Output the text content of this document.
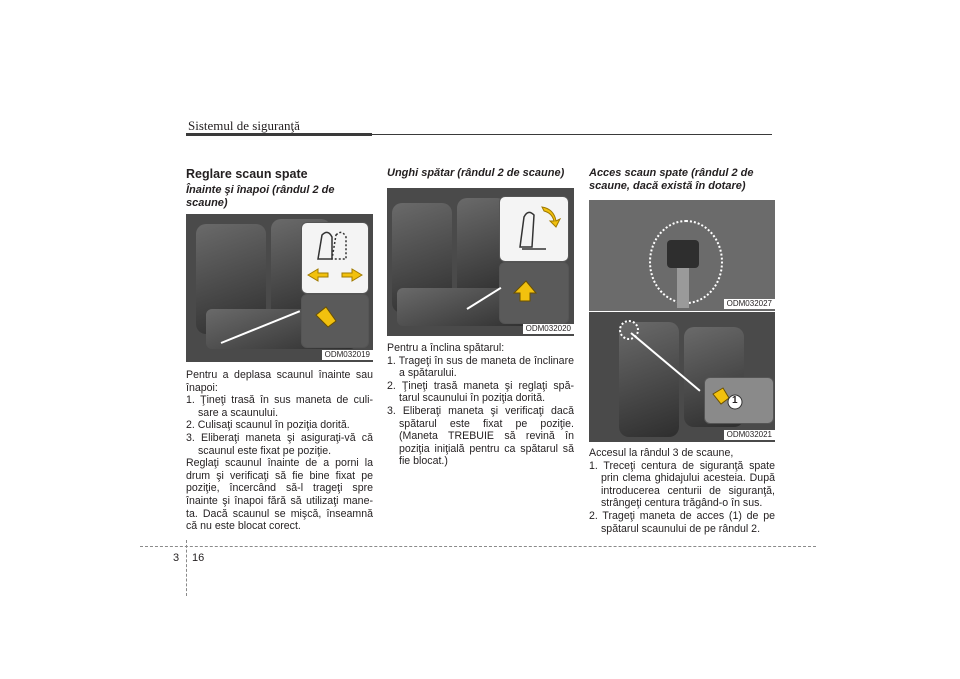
Sistemul de siguranţă
Reglare scaun spate
Înainte şi înapoi (rândul 2 de scaune)
ODM032019

Pentru a deplasa scaunul înainte sau înapoi:

1. Ţineţi trasă în sus maneta de culi-sare a scaunului.

2. Culisaţi scaunul în poziţia dorită.

3. Eliberaţi maneta şi asiguraţi-vă că scaunul este fixat pe poziţie.

Reglaţi scaunul înainte de a porni la drum şi verificaţi să fie bine fixat pe poziţie, încercând să-l trageţi spre înainte şi înapoi fără să utilizaţi mane-ta. Dacă scaunul se mişcă, înseamnă că nu este blocat corect.

Unghi spătar (rândul 2 de scaune)
ODM032020

Pentru a înclina spătarul:

1. Trageţi în sus de maneta de înclinare a spătarului.

2. Ţineţi trasă maneta şi reglaţi spă-tarul scaunului în poziţia dorită.

3. Eliberaţi maneta şi verificaţi dacă spătarul este fixat pe poziţie. (Maneta TREBUIE să revină în poziţia iniţială pentru ca spătarul să fie blocat.)

Acces scaun spate (rândul 2 de scaune, dacă există în dotare)
ODM032027
1
ODM032021

Accesul la rândul 3 de scaune,

1. Treceţi centura de siguranţă spate prin clema ghidajului acesteia. După introducerea centurii de siguranţă, strângeţi centura trăgând-o în sus.

2. Trageţi maneta de acces (1) de pe spătarul scaunului de pe rândul 2.

3 16
